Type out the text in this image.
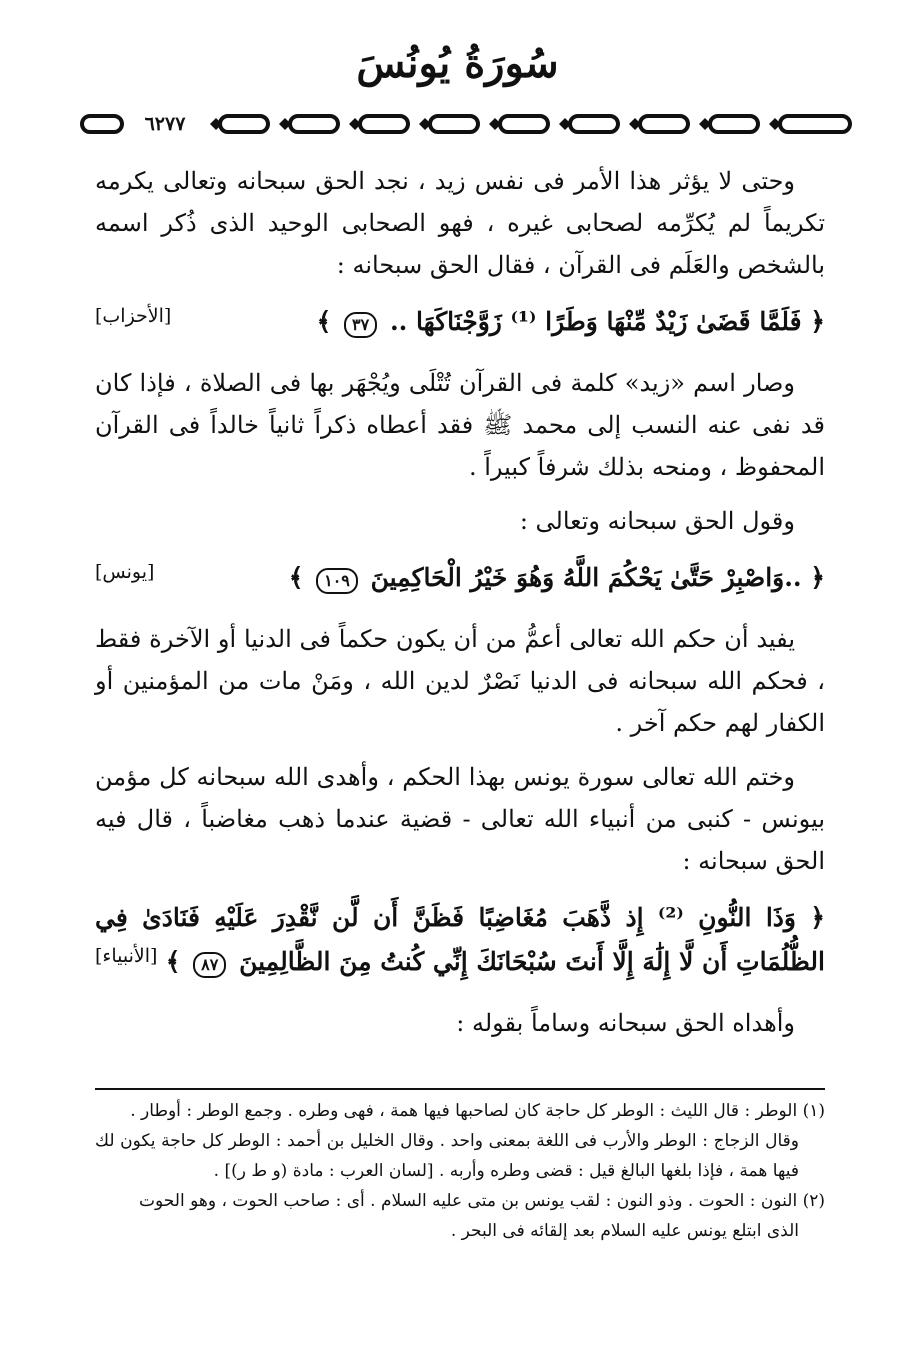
سُورَةُ يُونُسَ
٦٢٧٧

وحتى لا يؤثر هذا الأمر فى نفس زيد ، نجد الحق سبحانه وتعالى يكرمه تكريماً لم يُكرِّمه لصحابى غيره ، فهو الصحابى الوحيد الذى ذُكر اسمه بالشخص والعَلَم فى القرآن ، فقال الحق سبحانه :

﴿ فَلَمَّا قَضَىٰ زَيْدٌ مِّنْهَا وَطَرًا ⁽¹⁾ زَوَّجْنَاكَهَا .. ٣٧ ﴾
[الأحزاب]

وصار اسم «زيد» كلمة فى القرآن تُتْلَى ويُجْهَر بها فى الصلاة ، فإذا كان قد نفى عنه النسب إلى محمد ﷺ فقد أعطاه ذكراً ثانياً خالداً فى القرآن المحفوظ ، ومنحه بذلك شرفاً كبيراً .

وقول الحق سبحانه وتعالى :

﴿ ..وَاصْبِرْ حَتَّىٰ يَحْكُمَ اللَّهُ وَهُوَ خَيْرُ الْحَاكِمِينَ ١٠٩ ﴾
[يونس]

يفيد أن حكم الله تعالى أعمُّ من أن يكون حكماً فى الدنيا أو الآخرة فقط ، فحكم الله سبحانه فى الدنيا نَصْرٌ لدين الله ، ومَنْ مات من المؤمنين أو الكفار لهم حكم آخر .

وختم الله تعالى سورة يونس بهذا الحكم ، وأهدى الله سبحانه كل مؤمن بيونس - كنبى من أنبياء الله تعالى - قضية عندما ذهب مغاضباً ، قال فيه الحق سبحانه :

﴿ وَذَا النُّونِ ⁽²⁾ إِذ ذَّهَبَ مُغَاضِبًا فَظَنَّ أَن لَّن نَّقْدِرَ عَلَيْهِ فَنَادَىٰ فِي الظُّلُمَاتِ أَن لَّا إِلَٰهَ إِلَّا أَنتَ سُبْحَانَكَ إِنِّي كُنتُ مِنَ الظَّالِمِينَ ٨٧ ﴾
[الأنبياء]

وأهداه الحق سبحانه وساماً بقوله :

(١) الوطر : قال الليث : الوطر كل حاجة كان لصاحبها فيها همة ، فهى وطره . وجمع الوطر : أوطار .

وقال الزجاج : الوطر والأرب فى اللغة بمعنى واحد . وقال الخليل بن أحمد : الوطر كل حاجة يكون لك فيها همة ، فإذا بلغها البالغ قيل : قضى وطره وأربه . [لسان العرب : مادة (و ط ر)] .

(٢) النون : الحوت . وذو النون : لقب يونس بن متى عليه السلام . أى : صاحب الحوت ، وهو الحوت

الذى ابتلع يونس عليه السلام بعد إلقائه فى البحر .
